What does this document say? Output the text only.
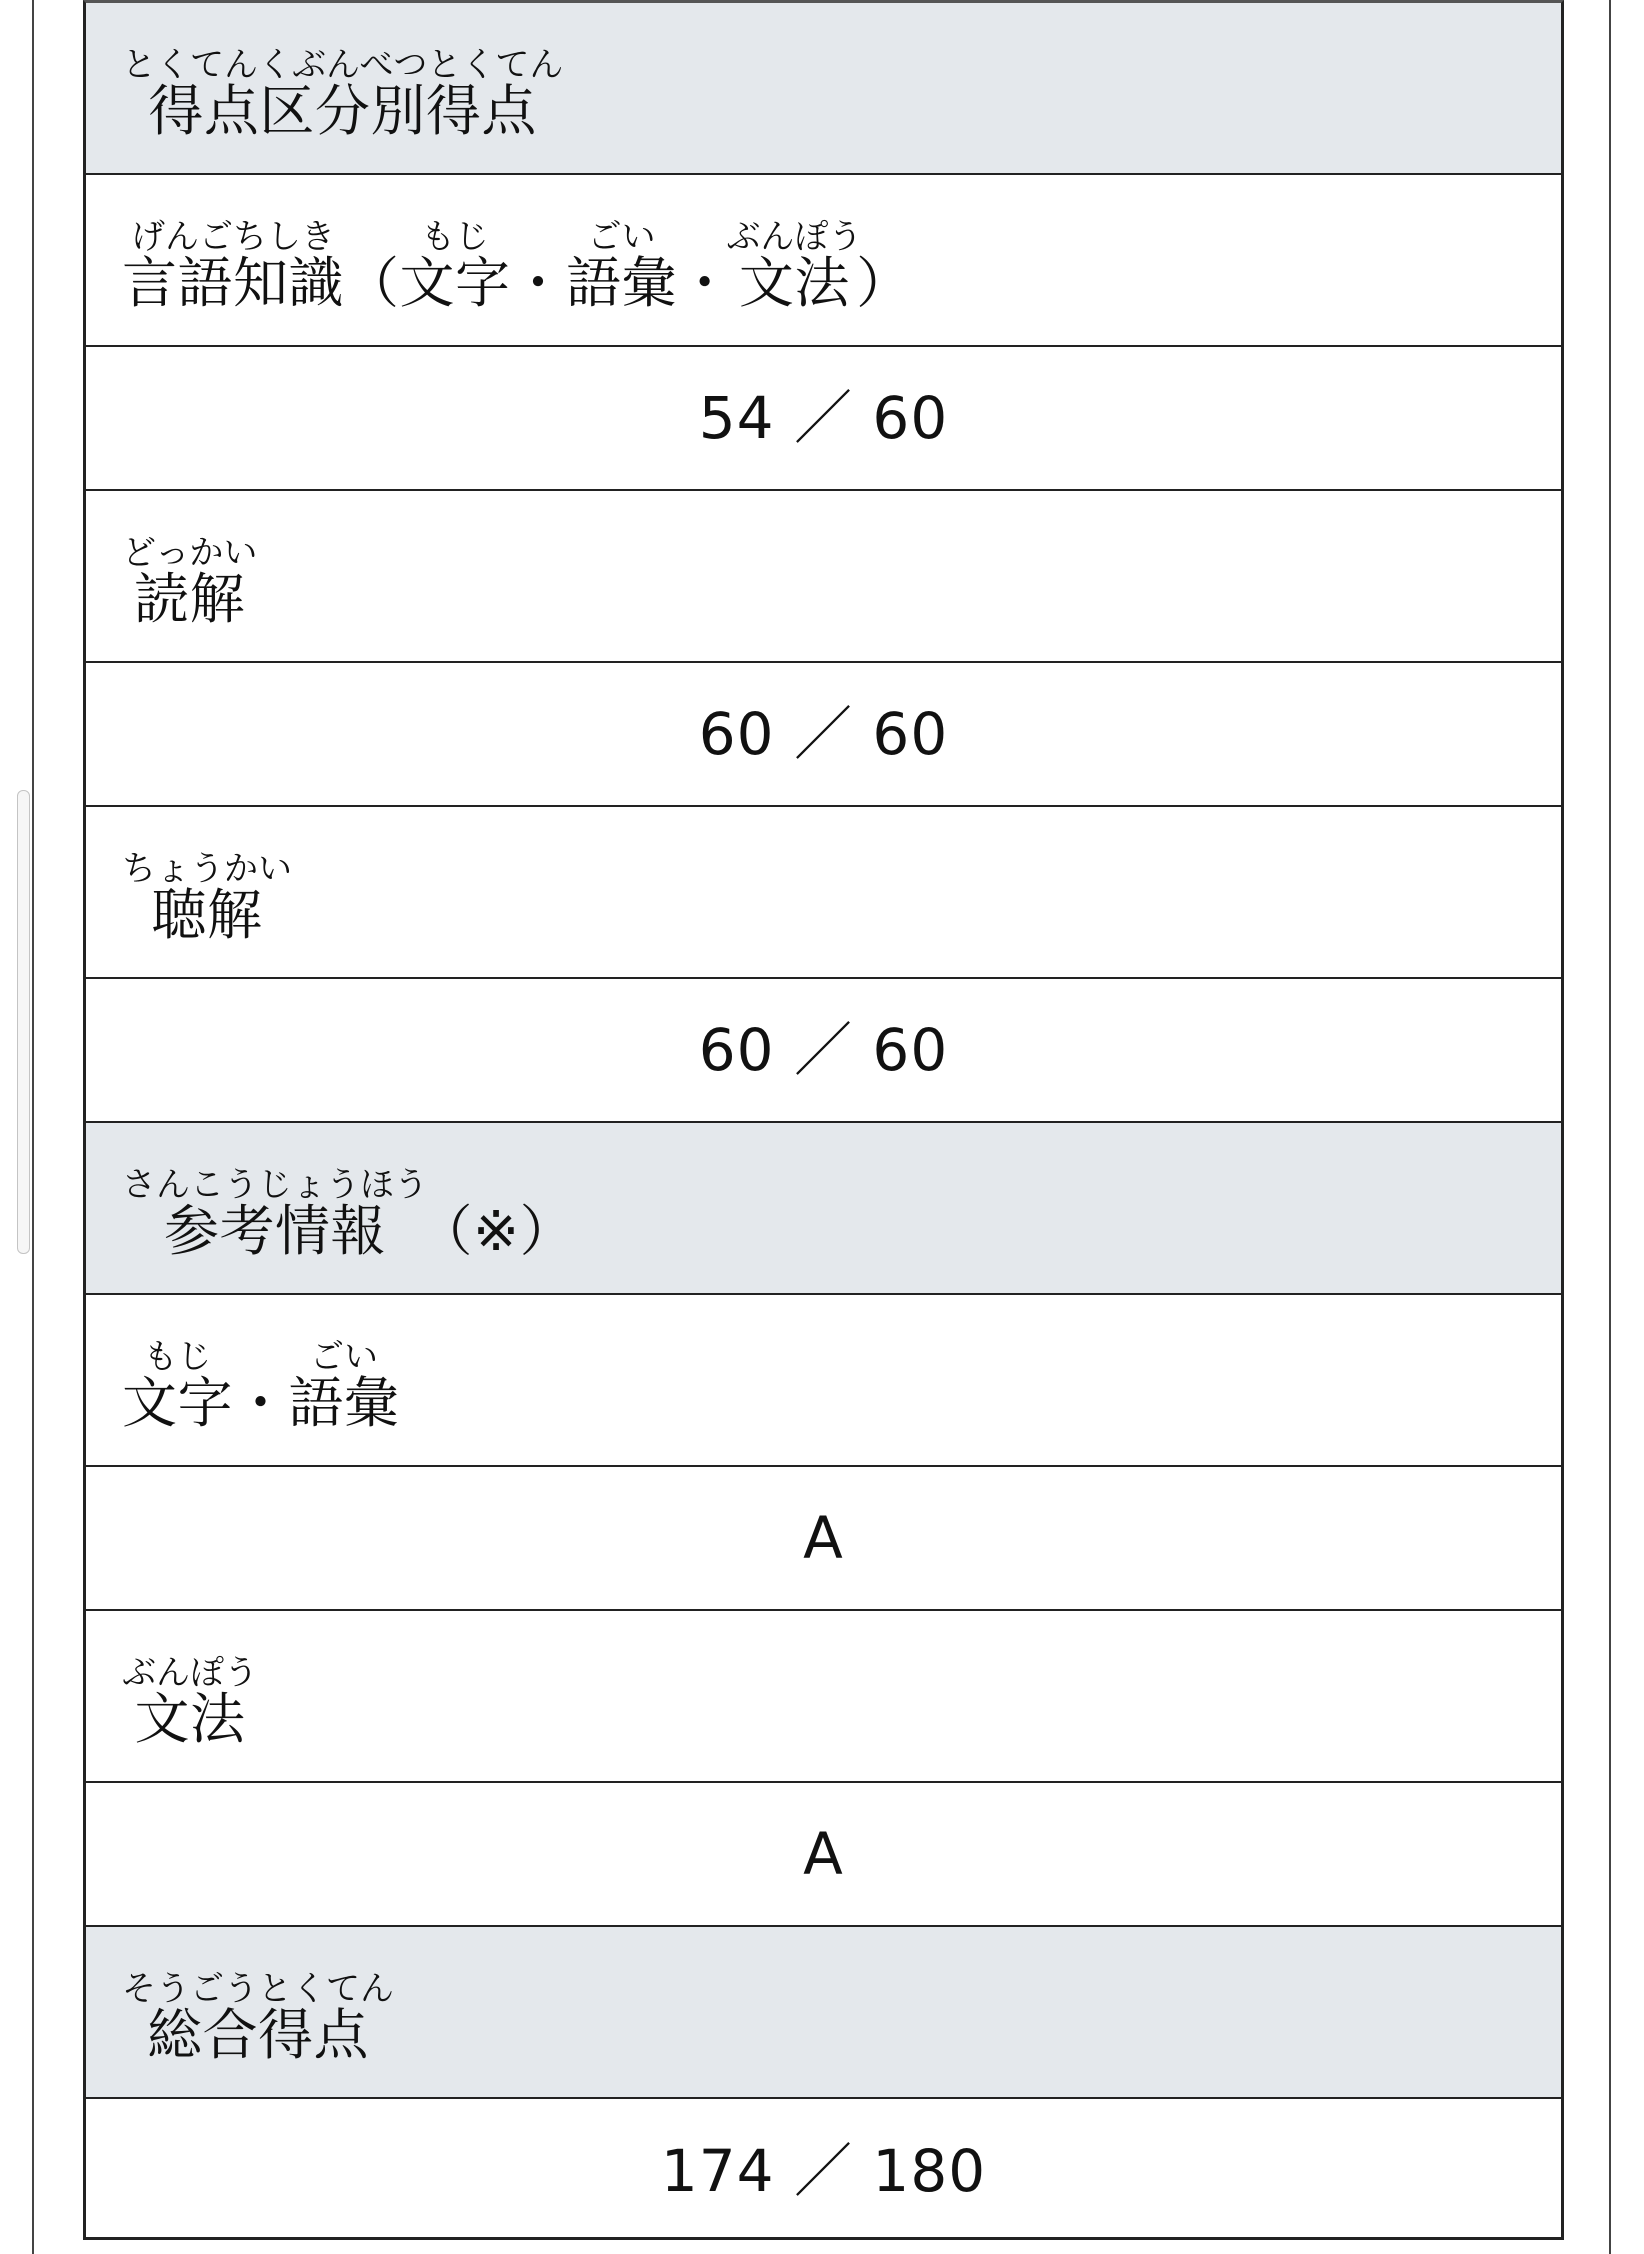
得点区分別得点とくてんくぶんべつとくてん
言語知識げんごちしき（文字もじ・語彙ごい・文法ぶんぽう）
54 ／ 60
読解どっかい
60 ／ 60
聴解ちょうかい
60 ／ 60
参考情報さんこうじょうほう（※）
文字もじ・語彙ごい
A
文法ぶんぽう
A
総合得点そうごうとくてん
174 ／ 180
